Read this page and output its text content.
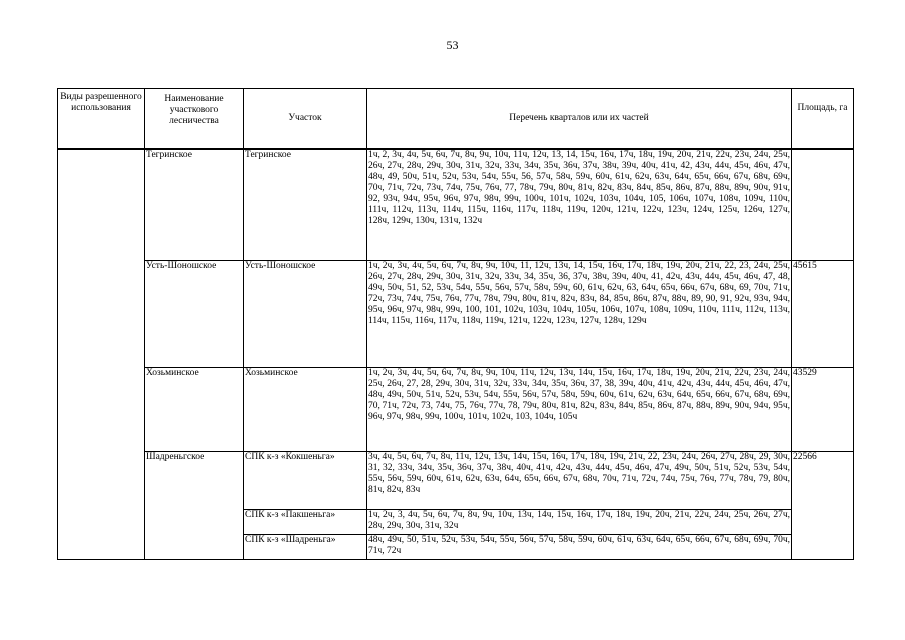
53
Виды разрешенного использования	Наименование участкового лесничества	Участок	Перечень кварталов или их частей	Площадь, га
	Тегринское	Тегринское	1ч, 2, 3ч, 4ч, 5ч, 6ч, 7ч, 8ч, 9ч, 10ч, 11ч, 12ч, 13, 14, 15ч, 16ч, 17ч, 18ч, 19ч, 20ч, 21ч, 22ч, 23ч, 24ч, 25ч, 26ч, 27ч, 28ч, 29ч, 30ч, 31ч, 32ч, 33ч, 34ч, 35ч, 36ч, 37ч, 38ч, 39ч, 40ч, 41ч, 42, 43ч, 44ч, 45ч, 46ч, 47ч, 48ч, 49, 50ч, 51ч, 52ч, 53ч, 54ч, 55ч, 56, 57ч, 58ч, 59ч, 60ч, 61ч, 62ч, 63ч, 64ч, 65ч, 66ч, 67ч, 68ч, 69ч, 70ч, 71ч, 72ч, 73ч, 74ч, 75ч, 76ч, 77, 78ч, 79ч, 80ч, 81ч, 82ч, 83ч, 84ч, 85ч, 86ч, 87ч, 88ч, 89ч, 90ч, 91ч, 92, 93ч, 94ч, 95ч, 96ч, 97ч, 98ч, 99ч, 100ч, 101ч, 102ч, 103ч, 104ч, 105, 106ч, 107ч, 108ч, 109ч, 110ч, 111ч, 112ч, 113ч, 114ч, 115ч, 116ч, 117ч, 118ч, 119ч, 120ч, 121ч, 122ч, 123ч, 124ч, 125ч, 126ч, 127ч, 128ч, 129ч, 130ч, 131ч, 132ч	
	Усть-Шоношское	Усть-Шоношское	1ч, 2ч, 3ч, 4ч, 5ч, 6ч, 7ч, 8ч, 9ч, 10ч, 11, 12ч, 13ч, 14, 15ч, 16ч, 17ч, 18ч, 19ч, 20ч, 21ч, 22, 23, 24ч, 25ч, 26ч, 27ч, 28ч, 29ч, 30ч, 31ч, 32ч, 33ч, 34, 35ч, 36, 37ч, 38ч, 39ч, 40ч, 41, 42ч, 43ч, 44ч, 45ч, 46ч, 47, 48, 49ч, 50ч, 51, 52, 53ч, 54ч, 55ч, 56ч, 57ч, 58ч, 59ч, 60, 61ч, 62ч, 63, 64ч, 65ч, 66ч, 67ч, 68ч, 69, 70ч, 71ч, 72ч, 73ч, 74ч, 75ч, 76ч, 77ч, 78ч, 79ч, 80ч, 81ч, 82ч, 83ч, 84, 85ч, 86ч, 87ч, 88ч, 89, 90, 91, 92ч, 93ч, 94ч, 95ч, 96ч, 97ч, 98ч, 99ч, 100, 101, 102ч, 103ч, 104ч, 105ч, 106ч, 107ч, 108ч, 109ч, 110ч, 111ч, 112ч, 113ч, 114ч, 115ч, 116ч, 117ч, 118ч, 119ч, 121ч, 122ч, 123ч, 127ч, 128ч, 129ч	45615
	Хозьминское	Хозьминское	1ч, 2ч, 3ч, 4ч, 5ч, 6ч, 7ч, 8ч, 9ч, 10ч, 11ч, 12ч, 13ч, 14ч, 15ч, 16ч, 17ч, 18ч, 19ч, 20ч, 21ч, 22ч, 23ч, 24ч, 25ч, 26ч, 27, 28, 29ч, 30ч, 31ч, 32ч, 33ч, 34ч, 35ч, 36ч, 37, 38, 39ч, 40ч, 41ч, 42ч, 43ч, 44ч, 45ч, 46ч, 47ч, 48ч, 49ч, 50ч, 51ч, 52ч, 53ч, 54ч, 55ч, 56ч, 57ч, 58ч, 59ч, 60ч, 61ч, 62ч, 63ч, 64ч, 65ч, 66ч, 67ч, 68ч, 69ч, 70, 71ч, 72ч, 73, 74ч, 75, 76ч, 77ч, 78, 79ч, 80ч, 81ч, 82ч, 83ч, 84ч, 85ч, 86ч, 87ч, 88ч, 89ч, 90ч, 94ч, 95ч, 96ч, 97ч, 98ч, 99ч, 100ч, 101ч, 102ч, 103, 104ч, 105ч	43529
	Шадреньгское	СПК к-з «Кокшеньга»	3ч, 4ч, 5ч, 6ч, 7ч, 8ч, 11ч, 12ч, 13ч, 14ч, 15ч, 16ч, 17ч, 18ч, 19ч, 21ч, 22, 23ч, 24ч, 26ч, 27ч, 28ч, 29, 30ч, 31, 32, 33ч, 34ч, 35ч, 36ч, 37ч, 38ч, 40ч, 41ч, 42ч, 43ч, 44ч, 45ч, 46ч, 47ч, 49ч, 50ч, 51ч, 52ч, 53ч, 54ч, 55ч, 56ч, 59ч, 60ч, 61ч, 62ч, 63ч, 64ч, 65ч, 66ч, 67ч, 68ч, 70ч, 71ч, 72ч, 74ч, 75ч, 76ч, 77ч, 78ч, 79, 80ч, 81ч, 82ч, 83ч	22566
		СПК к-з «Пакшеньга»	1ч, 2ч, 3, 4ч, 5ч, 6ч, 7ч, 8ч, 9ч, 10ч, 13ч, 14ч, 15ч, 16ч, 17ч, 18ч, 19ч, 20ч, 21ч, 22ч, 24ч, 25ч, 26ч, 27ч, 28ч, 29ч, 30ч, 31ч, 32ч	
		СПК к-з «Шадреньга»	48ч, 49ч, 50, 51ч, 52ч, 53ч, 54ч, 55ч, 56ч, 57ч, 58ч, 59ч, 60ч, 61ч, 63ч, 64ч, 65ч, 66ч, 67ч, 68ч, 69ч, 70ч, 71ч, 72ч	
